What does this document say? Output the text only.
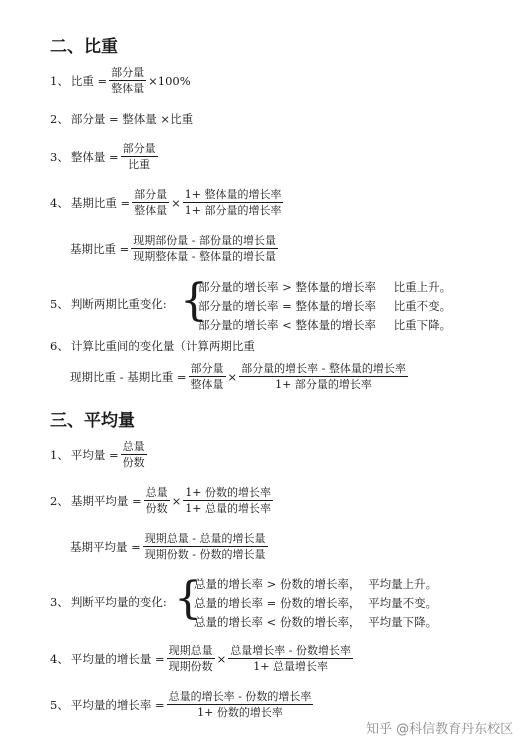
二、比重
1、 比重 = $\frac{\text{部分量}}{\text{整体量}} \times 100\%$
2、 部分量 = 整体量 ×比重
3、 整体量 = $\frac{\text{部分量}}{\text{比重}}$
4、 基期比重 = $\frac{\text{部分量}}{\text{整体量}} \times \frac{\text{1+ 整体量的增长率}}{\text{1+ 部分量的增长率}}$
基期比重 = $\frac{\text{现期部份量 - 部份量的增长量}}{\text{现期整体量 - 整体量的增长量}}$
5、 判断两期比重变化: {
部分量的增长率 > 整体量的增长率 比重上升。
部分量的增长率 = 整体量的增长率 比重不变。
部分量的增长率 < 整体量的增长率 比重下降。
6、 计算比重间的变化量（计算两期比重
现期比重 - 基期比重 = $\frac{\text{部分量}}{\text{整体量}} \times \frac{\text{部分量的增长率 - 整体量的增长率}}{\text{1+ 部分量的增长率}}$
三、平均量
1、 平均量 = $\frac{\text{总量}}{\text{份数}}$
2、 基期平均量 = $\frac{\text{总量}}{\text{份数}} \times \frac{\text{1+ 份数的增长率}}{\text{1+ 总量的增长率}}$
基期平均量 = $\frac{\text{现期总量 - 总量的增长量}}{\text{现期份数 - 份数的增长量}}$
3、 判断平均量的变化: {
总量的增长率 > 份数的增长率， 平均量上升。
总量的增长率 = 份数的增长率， 平均量不变。
总量的增长率 < 份数的增长率， 平均量下降。
4、 平均量的增长量 = $\frac{\text{现期总量}}{\text{现期份数}} \times \frac{\text{总量增长率 - 份数增长率}}{\text{1+ 总量增长率}}$
5、 平均量的增长率 = $\frac{\text{总量的增长率 - 份数的增长率}}{\text{1+ 份数的增长率}}$
知乎 @科信教育丹东校区
